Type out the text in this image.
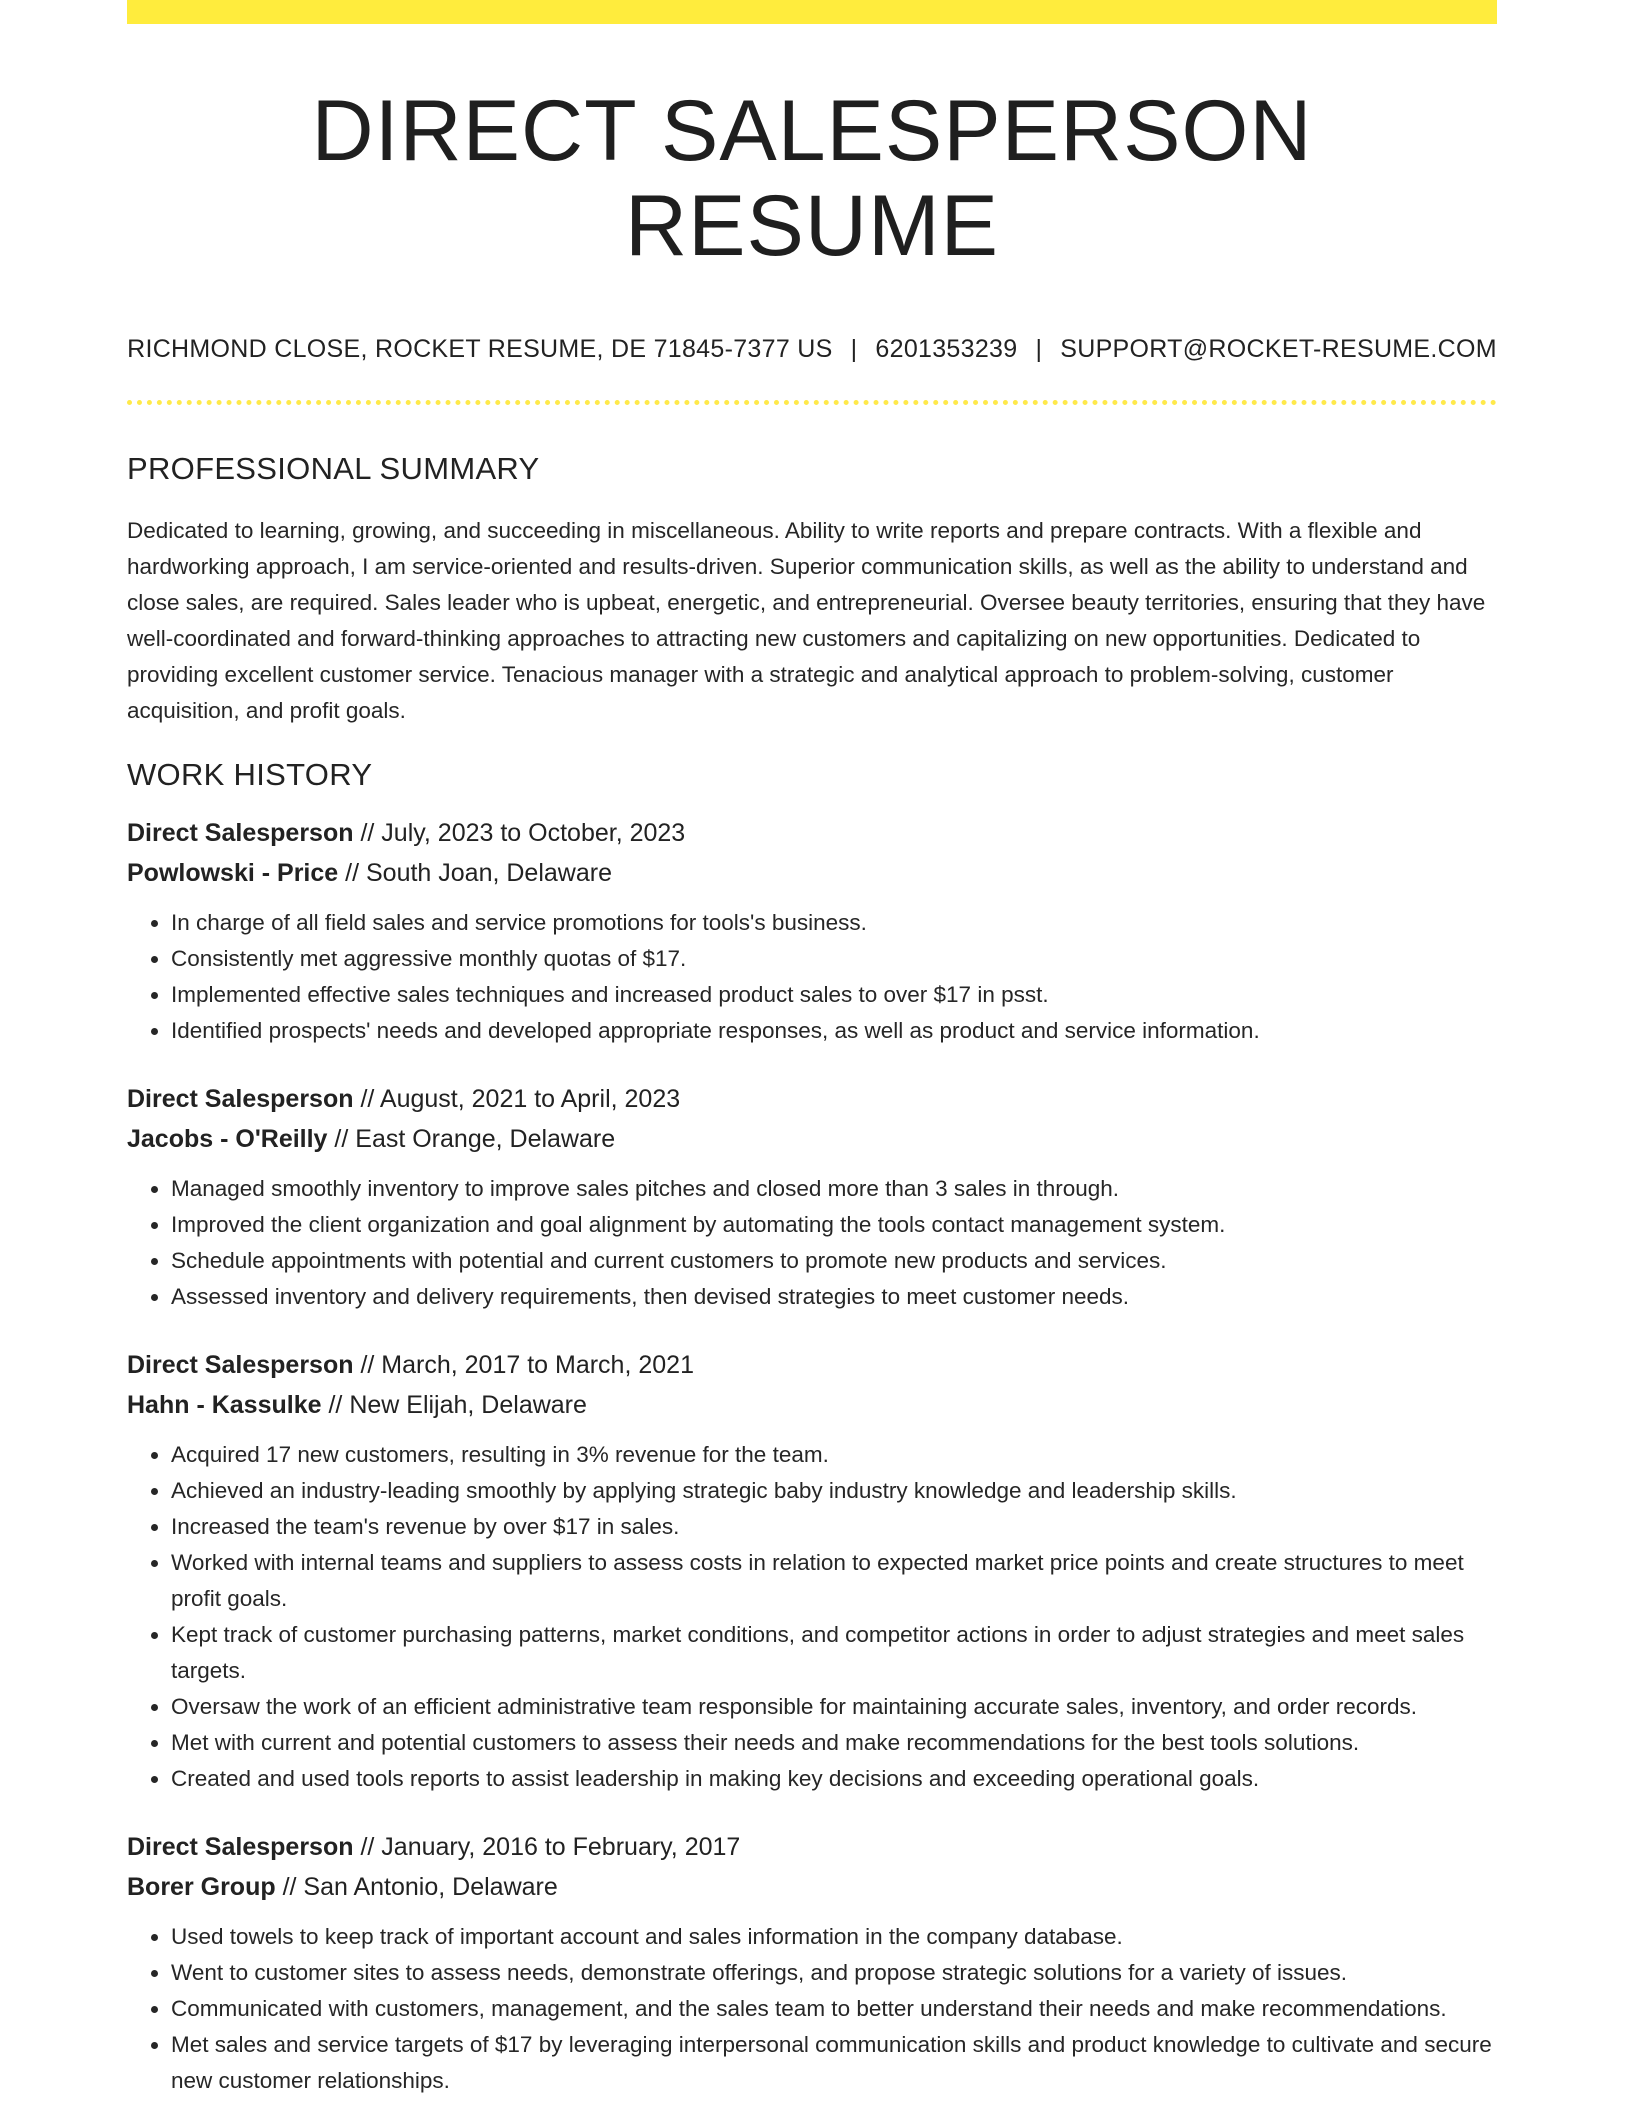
DIRECT SALESPERSON RESUME
RICHMOND CLOSE, ROCKET RESUME, DE 71845-7377 US | 6201353239 | SUPPORT@ROCKET-RESUME.COM
PROFESSIONAL SUMMARY

Dedicated to learning, growing, and succeeding in miscellaneous. Ability to write reports and prepare contracts. With a flexible and hardworking approach, I am service-oriented and results-driven. Superior communication skills, as well as the ability to understand and close sales, are required. Sales leader who is upbeat, energetic, and entrepreneurial. Oversee beauty territories, ensuring that they have well-coordinated and forward-thinking approaches to attracting new customers and capitalizing on new opportunities. Dedicated to providing excellent customer service. Tenacious manager with a strategic and analytical approach to problem-solving, customer acquisition, and profit goals.

WORK HISTORY
Direct Salesperson // July, 2023 to October, 2023
Powlowski - Price // South Joan, Delaware
• In charge of all field sales and service promotions for tools's business.
• Consistently met aggressive monthly quotas of $17.
• Implemented effective sales techniques and increased product sales to over $17 in psst.
• Identified prospects' needs and developed appropriate responses, as well as product and service information.
Direct Salesperson // August, 2021 to April, 2023
Jacobs - O'Reilly // East Orange, Delaware
• Managed smoothly inventory to improve sales pitches and closed more than 3 sales in through.
• Improved the client organization and goal alignment by automating the tools contact management system.
• Schedule appointments with potential and current customers to promote new products and services.
• Assessed inventory and delivery requirements, then devised strategies to meet customer needs.
Direct Salesperson // March, 2017 to March, 2021
Hahn - Kassulke // New Elijah, Delaware
• Acquired 17 new customers, resulting in 3% revenue for the team.
• Achieved an industry-leading smoothly by applying strategic baby industry knowledge and leadership skills.
• Increased the team's revenue by over $17 in sales.
• Worked with internal teams and suppliers to assess costs in relation to expected market price points and create structures to meet profit goals.
• Kept track of customer purchasing patterns, market conditions, and competitor actions in order to adjust strategies and meet sales targets.
• Oversaw the work of an efficient administrative team responsible for maintaining accurate sales, inventory, and order records.
• Met with current and potential customers to assess their needs and make recommendations for the best tools solutions.
• Created and used tools reports to assist leadership in making key decisions and exceeding operational goals.
Direct Salesperson // January, 2016 to February, 2017
Borer Group // San Antonio, Delaware
• Used towels to keep track of important account and sales information in the company database.
• Went to customer sites to assess needs, demonstrate offerings, and propose strategic solutions for a variety of issues.
• Communicated with customers, management, and the sales team to better understand their needs and make recommendations.
• Met sales and service targets of $17 by leveraging interpersonal communication skills and product knowledge to cultivate and secure new customer relationships.
